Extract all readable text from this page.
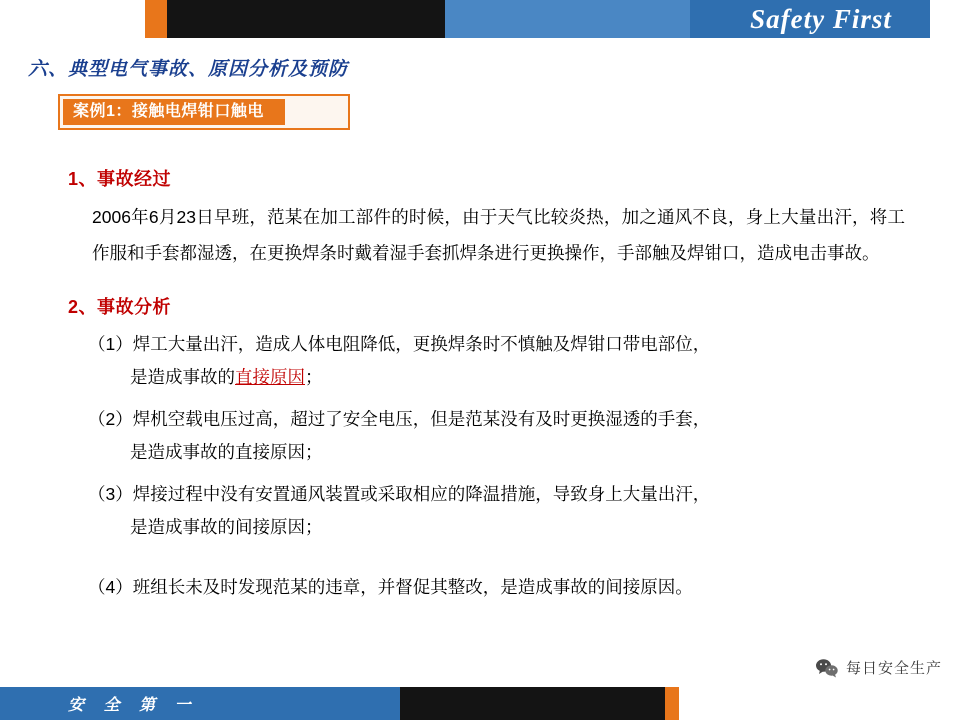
Safety First
六、典型电气事故、原因分析及预防
案例1：接触电焊钳口触电
1、事故经过
2006年6月23日早班，范某在加工部件的时候，由于天气比较炎热，加之通风不良，身上大量出汗，将工作服和手套都湿透，在更换焊条时戴着湿手套抓焊条进行更换操作，手部触及焊钳口，造成电击事故。
2、事故分析
（1）焊工大量出汗，造成人体电阻降低，更换焊条时不慎触及焊钳口带电部位，
是造成事故的直接原因；
（2）焊机空载电压过高，超过了安全电压，但是范某没有及时更换湿透的手套，
是造成事故的直接原因；
（3）焊接过程中没有安置通风装置或采取相应的降温措施，导致身上大量出汗，
是造成事故的间接原因；
（4）班组长未及时发现范某的违章，并督促其整改，是造成事故的间接原因。
每日安全生产
安 全 第 一
